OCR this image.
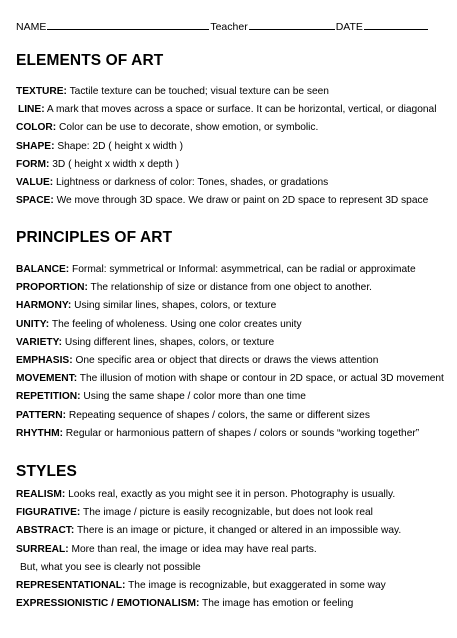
NAME	Teacher	DATE
ELEMENTS OF ART
TEXTURE: Tactile texture can be touched; visual texture can be seen
LINE: A mark that moves across a space or surface. It can be horizontal, vertical, or diagonal
COLOR: Color can be use to decorate, show emotion, or symbolic.
SHAPE: Shape: 2D ( height x width )
FORM: 3D ( height x width x depth )
VALUE: Lightness or darkness of color: Tones, shades, or gradations
SPACE: We move through 3D space. We draw or paint on 2D space to represent 3D space
PRINCIPLES OF ART
BALANCE: Formal: symmetrical or Informal: asymmetrical, can be radial or approximate
PROPORTION: The relationship of size or distance from one object to another.
HARMONY: Using similar lines, shapes, colors, or texture
UNITY: The feeling of wholeness. Using one color creates unity
VARIETY: Using different lines, shapes, colors, or texture
EMPHASIS: One specific area or object that directs or draws the views attention
MOVEMENT: The illusion of motion with shape or contour in 2D space, or actual 3D movement
REPETITION: Using the same shape / color more than one time
PATTERN: Repeating sequence of shapes / colors, the same or different sizes
RHYTHM: Regular or harmonious pattern of shapes / colors or sounds “working together”
STYLES
REALISM: Looks real, exactly as you might see it in person. Photography is usually.
FIGURATIVE: The image / picture is easily recognizable, but does not look real
ABSTRACT: There is an image or picture, it changed or altered in an impossible way.
SURREAL: More than real, the image or idea may have real parts.
But, what you see is clearly not possible
REPRESENTATIONAL: The image is recognizable, but exaggerated in some way
EXPRESSIONISTIC / EMOTIONALISM: The image has emotion or feeling
